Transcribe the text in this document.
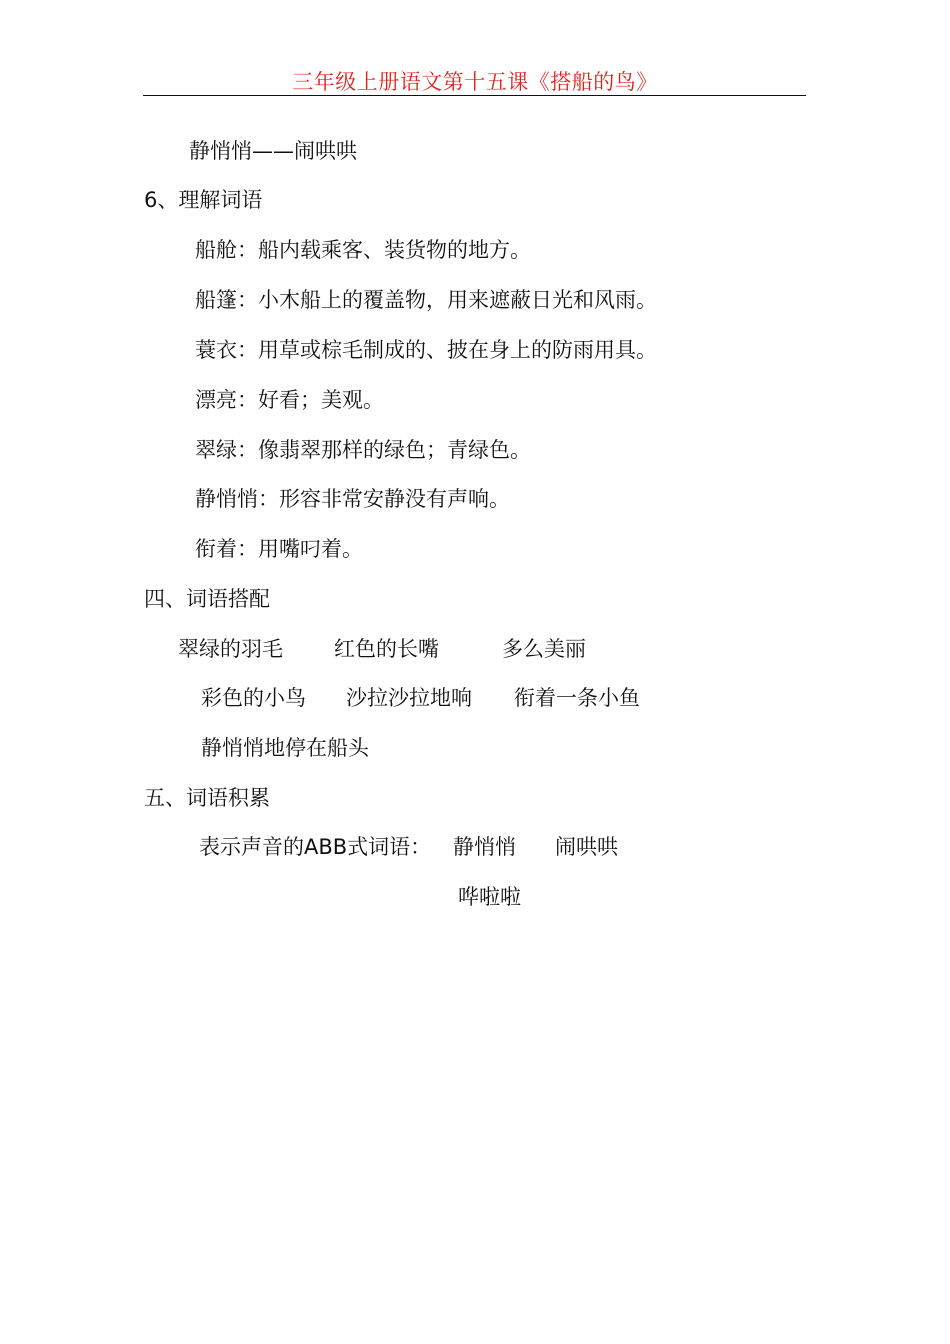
三年级上册语文第十五课《搭船的鸟》
静悄悄——闹哄哄
6、理解词语
船舱：船内载乘客、装货物的地方。
船篷：小木船上的覆盖物，用来遮蔽日光和风雨。
蓑衣：用草或棕毛制成的、披在身上的防雨用具。
漂亮：好看；美观。
翠绿：像翡翠那样的绿色；青绿色。
静悄悄：形容非常安静没有声响。
衔着：用嘴叼着。
四、词语搭配
翠绿的羽毛 红色的长嘴	多么美丽
彩色的小鸟 沙拉沙拉地响 衔着一条小鱼
静悄悄地停在船头
五、词语积累
表示声音的ABB式词语： 静悄悄 闹哄哄
哗啦啦
